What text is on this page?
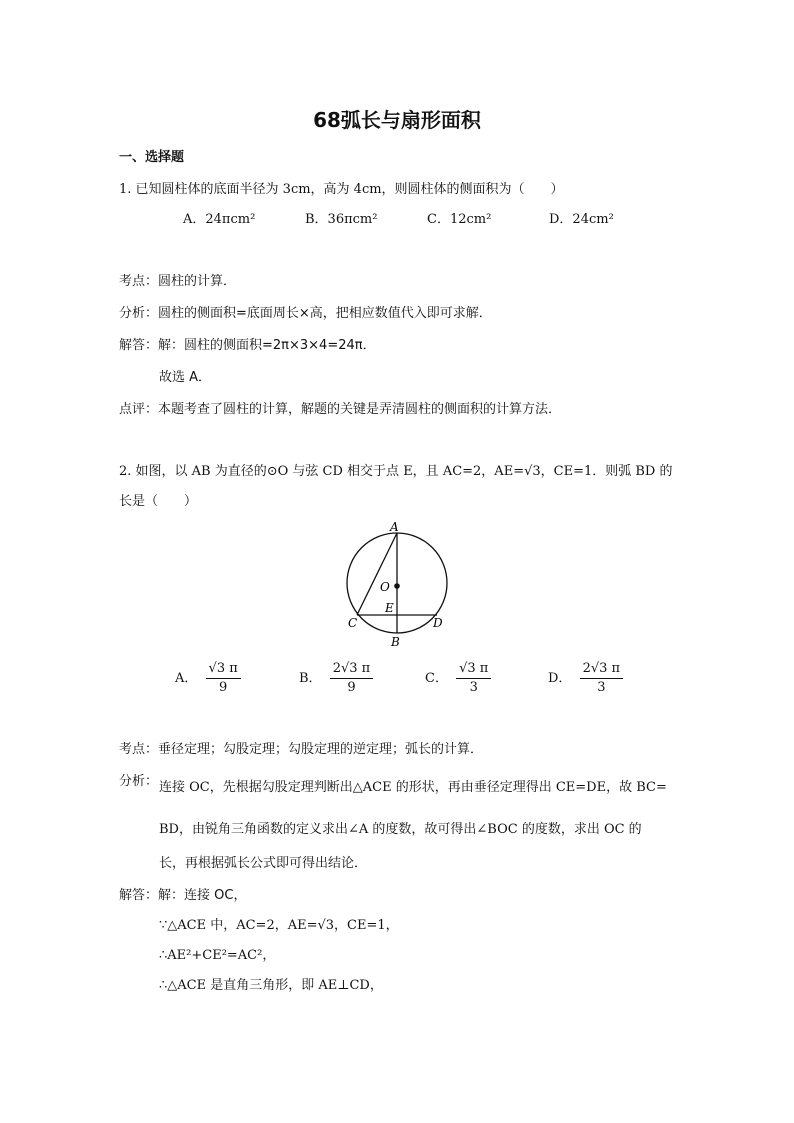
68弧长与扇形面积
一、选择题
1. 已知圆柱体的底面半径为 3cm，高为 4cm，则圆柱体的侧面积为（　　）
A．24πcm²	B．36πcm²	C．12cm²	D．24cm²
考点：圆柱的计算．
分析：圆柱的侧面积=底面周长×高，把相应数值代入即可求解．
解答：解：圆柱的侧面积=2π×3×4=24π．
故选 A．
点评：本题考查了圆柱的计算，解题的关键是弄清圆柱的侧面积的计算方法．
2. 如图，以 AB 为直径的⊙O 与弦 CD 相交于点 E，且 AC=2，AE=√3，CE=1．则弧 BD 的
长是（　　）
A
O
E
C	D
B
A． $\frac{√3 \pi}{9}$	B． $\frac{2√3 \pi}{9}$	C． $\frac{√3 \pi}{3}$	D． $\frac{2√3 \pi}{3}$
考点：垂径定理；勾股定理；勾股定理的逆定理；弧长的计算．
分析： 连接 OC，先根据勾股定理判断出△ACE 的形状，再由垂径定理得出 CE=DE，故 BC=
BD，由锐角三角函数的定义求出∠A 的度数，故可得出∠BOC 的度数，求出 OC 的
长，再根据弧长公式即可得出结论．
解答：解：连接 OC，
∵△ACE 中，AC=2，AE=√3，CE=1，
∴AE²+CE²=AC²，
∴△ACE 是直角三角形，即 AE⊥CD，
